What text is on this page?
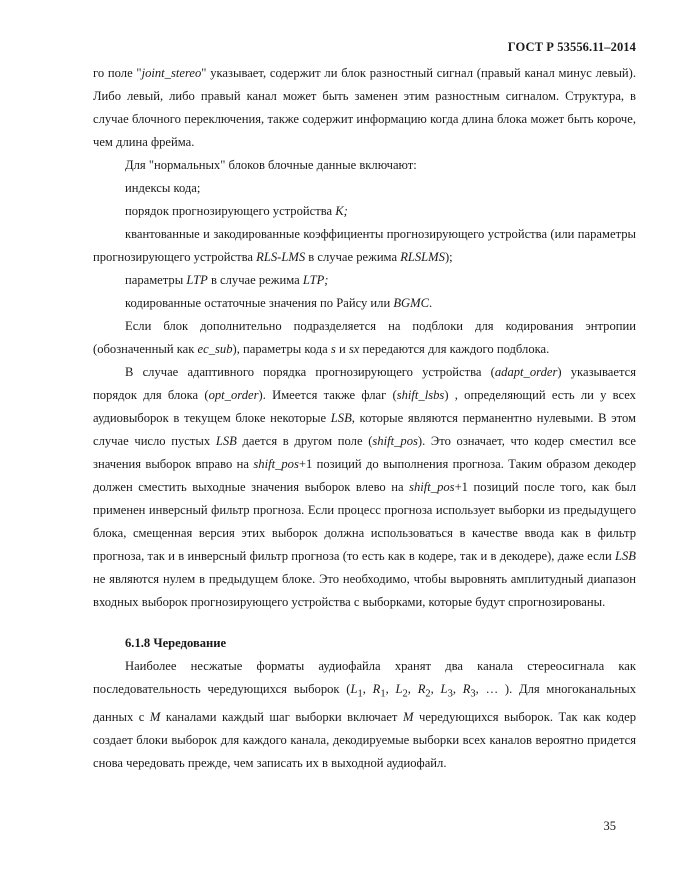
ГОСТ Р 53556.11–2014

го поле "joint_stereo" указывает, содержит ли блок разностный сигнал (правый канал минус левый). Либо левый, либо правый канал может быть заменен этим разностным сигналом. Структура, в случае блочного переключения, также содержит информацию когда длина блока может быть короче, чем длина фрейма.

Для "нормальных" блоков блочные данные включают:

индексы кода;

порядок прогнозирующего устройства K;

квантованные и закодированные коэффициенты прогнозирующего устройства (или параметры прогнозирующего устройства RLS-LMS в случае режима RLSLMS);

параметры LTP в случае режима LTP;

кодированные остаточные значения по Райсу или BGMC.

Если блок дополнительно подразделяется на подблоки для кодирования энтропии (обозначенный как ec_sub), параметры кода s и sx передаются для каждого подблока.

В случае адаптивного порядка прогнозирующего устройства (adapt_order) указывается порядок для блока (opt_order). Имеется также флаг (shift_lsbs) , определяющий есть ли у всех аудиовыборок в текущем блоке некоторые LSB, которые являются перманентно нулевыми. В этом случае число пустых LSB дается в другом поле (shift_pos). Это означает, что кодер сместил все значения выборок вправо на shift_pos+1 позиций до выполнения прогноза. Таким образом декодер должен сместить выходные значения выборок влево на shift_pos+1 позиций после того, как был применен инверсный фильтр прогноза. Если процесс прогноза использует выборки из предыдущего блока, смещенная версия этих выборок должна использоваться в качестве ввода как в фильтр прогноза, так и в инверсный фильтр прогноза (то есть как в кодере, так и в декодере), даже если LSB не являются нулем в предыдущем блоке. Это необходимо, чтобы выровнять амплитудный диапазон входных выборок прогнозирующего устройства с выборками, которые будут спрогнозированы.

6.1.8 Чередование

Наиболее несжатые форматы аудиофайла хранят два канала стереосигнала как последовательность чередующихся выборок ($L_1$, $R_1$, $L_2$, $R_2$, $L_3$, $R_3$, … ). Для многоканальных данных с M каналами каждый шаг выборки включает M чередующихся выборок. Так как кодер создает блоки выборок для каждого канала, декодируемые выборки всех каналов вероятно придется снова чередовать прежде, чем записать их в выходной аудиофайл.

35
